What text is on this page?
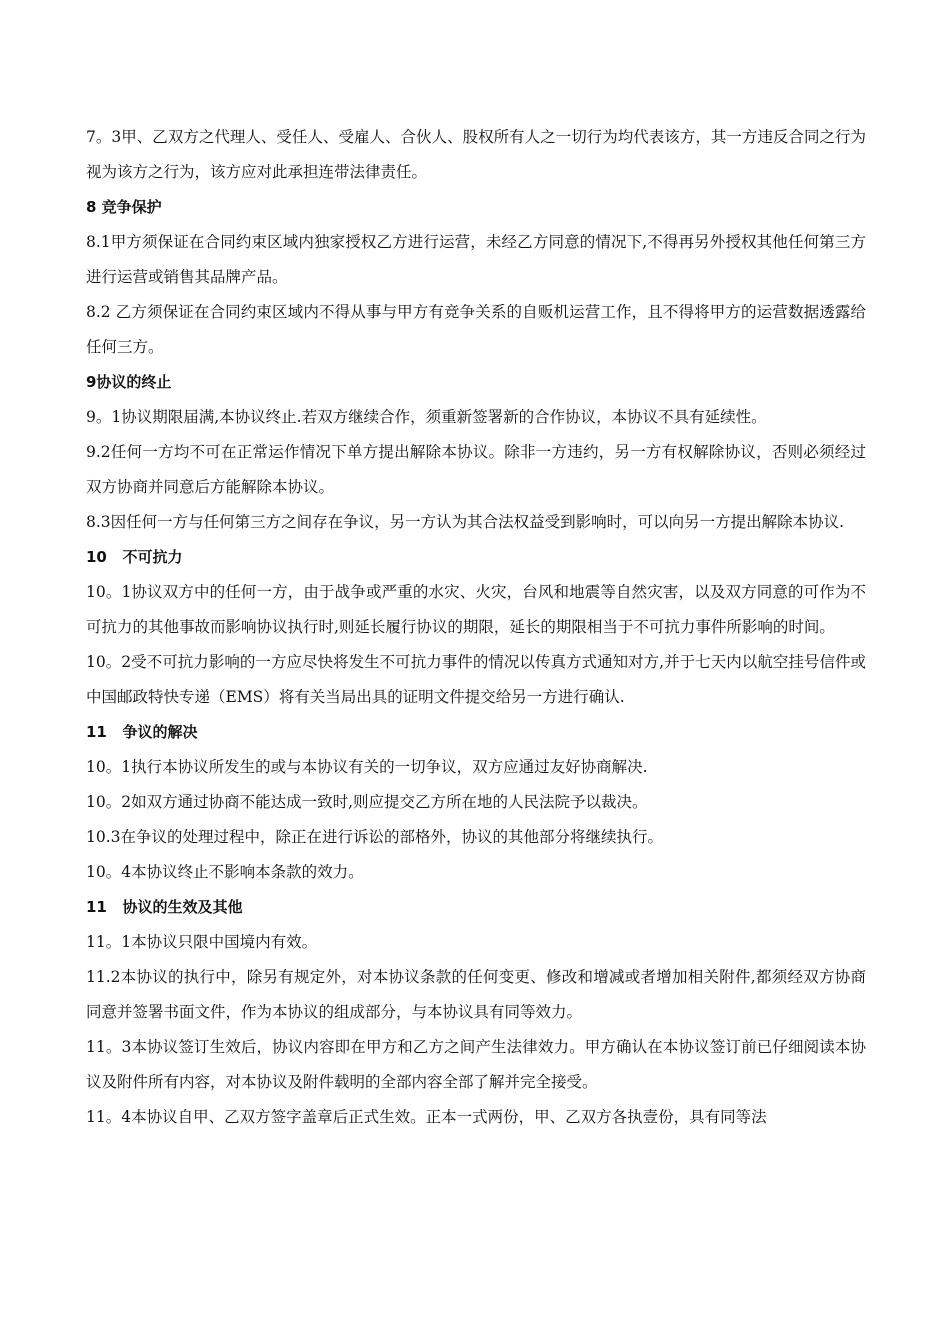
7。3甲、乙双方之代理人、受任人、受雇人、合伙人、股权所有人之一切行为均代表该方，其一方违反合同之行为视为该方之行为，该方应对此承担连带法律责任。

8 竞争保护

8.1甲方须保证在合同约束区域内独家授权乙方进行运营，未经乙方同意的情况下,不得再另外授权其他任何第三方进行运营或销售其品牌产品。

8.2 乙方须保证在合同约束区域内不得从事与甲方有竞争关系的自贩机运营工作，且不得将甲方的运营数据透露给任何三方。

9协议的终止

9。1协议期限届满,本协议终止.若双方继续合作，须重新签署新的合作协议，本协议不具有延续性。

9.2任何一方均不可在正常运作情况下单方提出解除本协议。除非一方违约，另一方有权解除协议，否则必须经过双方协商并同意后方能解除本协议。

8.3因任何一方与任何第三方之间存在争议，另一方认为其合法权益受到影响时，可以向另一方提出解除本协议.

10   不可抗力

10。1协议双方中的任何一方，由于战争或严重的水灾、火灾，台风和地震等自然灾害，以及双方同意的可作为不可抗力的其他事故而影响协议执行时,则延长履行协议的期限，延长的期限相当于不可抗力事件所影响的时间。

10。2受不可抗力影响的一方应尽快将发生不可抗力事件的情况以传真方式通知对方,并于七天内以航空挂号信件或中国邮政特快专递（EMS）将有关当局出具的证明文件提交给另一方进行确认.

11   争议的解决

10。1执行本协议所发生的或与本协议有关的一切争议，双方应通过友好协商解决.

10。2如双方通过协商不能达成一致时,则应提交乙方所在地的人民法院予以裁决。

10.3在争议的处理过程中，除正在进行诉讼的部格外，协议的其他部分将继续执行。

10。4本协议终止不影响本条款的效力。

11   协议的生效及其他

11。1本协议只限中国境内有效。

11.2本协议的执行中，除另有规定外，对本协议条款的任何变更、修改和增减或者增加相关附件,都须经双方协商同意并签署书面文件，作为本协议的组成部分，与本协议具有同等效力。

11。3本协议签订生效后，协议内容即在甲方和乙方之间产生法律效力。甲方确认在本协议签订前已仔细阅读本协议及附件所有内容，对本协议及附件载明的全部内容全部了解并完全接受。

11。4本协议自甲、乙双方签字盖章后正式生效。正本一式两份，甲、乙双方各执壹份，具有同等法
